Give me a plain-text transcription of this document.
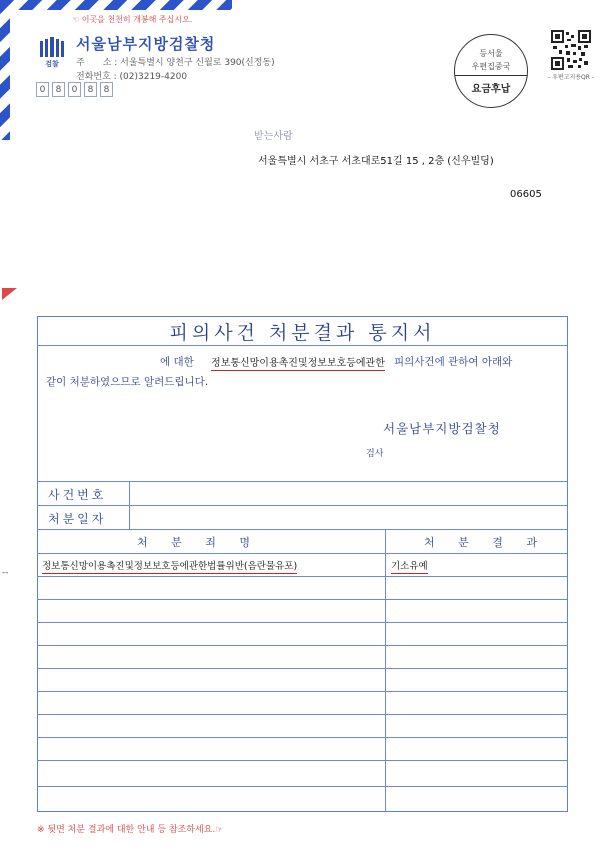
☜ 이곳을 천천히 개봉해 주십시오.
검찰
서울남부지방검찰청
주　　소 : 서울특별시 양천구 신월로 390(신정동)
전화번호 : (02)3219-4200
0	8	0	8	8
등서울
우편집중국
요금후납
- 우편고지용QR -
받는사람
서울특별시 서초구 서초대로51길 15 , 2층 (신우빌딩)
06605
--
피의사건 처분결과 통지서
에 대한 정보통신망이용촉진및정보보호등에관한 피의사건에 관하여 아래와
같이 처분하였으므로 알려드립니다.
서울남부지방검찰청
검사
사건번호
처분일자
처 분 죄 명	처 분 결 과
정보통신망이용촉진및정보보호등에관한법률위반(음란물유포)	기소유예
※ 뒷면 처분 결과에 대한 안내 등 참조하세요.☞
